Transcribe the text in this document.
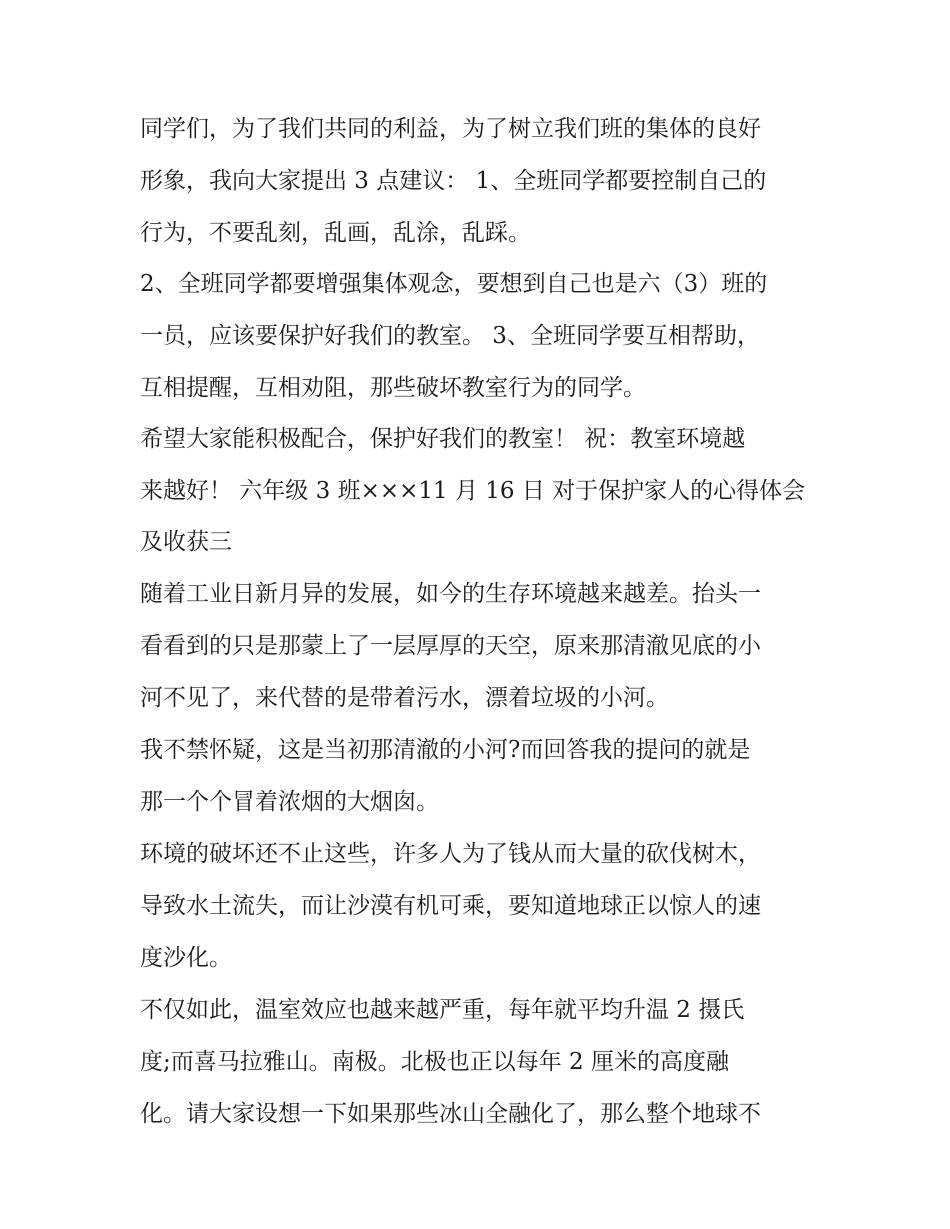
同学们，为了我们共同的利益，为了树立我们班的集体的良好
形象，我向大家提出 3 点建议： 1、全班同学都要控制自己的
行为，不要乱刻，乱画，乱涂，乱踩。
2、全班同学都要增强集体观念，要想到自己也是六（3）班的
一员，应该要保护好我们的教室。 3、全班同学要互相帮助，
互相提醒，互相劝阻，那些破坏教室行为的同学。
希望大家能积极配合，保护好我们的教室！ 祝：教室环境越
来越好！ 六年级 3 班×××11 月 16 日 对于保护家人的心得体会
及收获三
随着工业日新月异的发展，如今的生存环境越来越差。抬头一
看看到的只是那蒙上了一层厚厚的天空，原来那清澈见底的小
河不见了，来代替的是带着污水，漂着垃圾的小河。
我不禁怀疑，这是当初那清澈的小河?而回答我的提问的就是
那一个个冒着浓烟的大烟囱。
环境的破坏还不止这些，许多人为了钱从而大量的砍伐树木，
导致水土流失，而让沙漠有机可乘，要知道地球正以惊人的速
度沙化。
不仅如此，温室效应也越来越严重，每年就平均升温 2 摄氏
度;而喜马拉雅山。南极。北极也正以每年 2 厘米的高度融
化。请大家设想一下如果那些冰山全融化了，那么整个地球不
